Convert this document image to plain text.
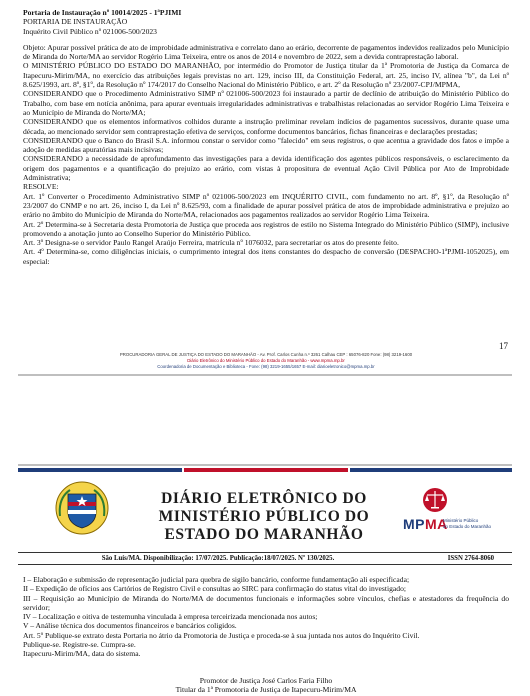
Portaria de Instauração nº 10014/2025 - 1ªPJIMI

PORTARIA DE INSTAURAÇÃO

Inquérito Civil Público nº 021006-500/2023

Objeto: Apurar possível prática de ato de improbidade administrativa e correlato dano ao erário, decorrente de pagamentos indevidos realizados pelo Município de Miranda do Norte/MA ao servidor Rogério Lima Teixeira, entre os anos de 2014 e novembro de 2022, sem a devida contraprestação laboral.

O MINISTÉRIO PÚBLICO DO ESTADO DO MARANHÃO, por intermédio do Promotor de Justiça titular da 1ª Promotoria de Justiça da Comarca de Itapecuru-Mirim/MA, no exercício das atribuições legais previstas no art. 129, inciso III, da Constituição Federal, art. 25, inciso IV, alínea "b", da Lei nº 8.625/1993, art. 8º, §1º, da Resolução nº 174/2017 do Conselho Nacional do Ministério Público, e art. 2º da Resolução nº 23/2007-CPJ/MPMA,

CONSIDERANDO que o Procedimento Administrativo SIMP nº 021006-500/2023 foi instaurado a partir de declínio de atribuição do Ministério Público do Trabalho, com base em notícia anônima, para apurar eventuais irregularidades administrativas e trabalhistas relacionadas ao servidor Rogério Lima Teixeira e ao Município de Miranda do Norte/MA;

CONSIDERANDO que os elementos informativos colhidos durante a instrução preliminar revelam indícios de pagamentos sucessivos, durante quase uma década, ao mencionado servidor sem contraprestação efetiva de serviços, conforme documentos bancários, fichas financeiras e declarações prestadas;

CONSIDERANDO que o Banco do Brasil S.A. informou constar o servidor como "falecido" em seus registros, o que acentua a gravidade dos fatos e impõe a adoção de medidas apuratórias mais incisivas;

CONSIDERANDO a necessidade de aprofundamento das investigações para a devida identificação dos agentes públicos responsáveis, o esclarecimento da origem dos pagamentos e a quantificação do prejuízo ao erário, com vistas à propositura de eventual Ação Civil Pública por Ato de Improbidade Administrativa;

RESOLVE:

Art. 1º Converter o Procedimento Administrativo SIMP nº 021006-500/2023 em INQUÉRITO CIVIL, com fundamento no art. 8º, §1º, da Resolução nº 23/2007 do CNMP e no art. 26, inciso I, da Lei nº 8.625/93, com a finalidade de apurar possível prática de atos de improbidade administrativa e prejuízo ao erário no âmbito do Município de Miranda do Norte/MA, relacionados aos pagamentos realizados ao servidor Rogério Lima Teixeira.

Art. 2º Determina-se à Secretaria desta Promotoria de Justiça que proceda aos registros de estilo no Sistema Integrado do Ministério Público (SIMP), inclusive promovendo a anotação junto ao Conselho Superior do Ministério Público.

Art. 3º Designa-se o servidor Paulo Rangel Araújo Ferreira, matrícula nº 1076032, para secretariar os atos do presente feito.

Art. 4º Determina-se, como diligências iniciais, o cumprimento integral dos itens constantes do despacho de conversão (DESPACHO-1ªPJMI-1052025), em especial:

17
PROCURADORIA GERAL DE JUSTIÇA DO ESTADO DO MARANHÃO - Av. Prof. Carlos Cunha n.º 3261 Calhau CEP : 65076-820 Fone: (98) 3219-1600
Diário Eletrônico do Ministério Público do Estado do Maranhão - www.mpma.mp.br
Coordenadoria de Documentação e Biblioteca - Fone: (98) 3219-1655/1657 E-mail: diarioeletronico@mpma.mp.br
DIÁRIO ELETRÔNICO DO
MINISTÉRIO PÚBLICO DO
ESTADO DO MARANHÃO
MPMA
Ministério Público
do Estado do Maranhão
São Luís/MA. Disponibilização: 17/07/2025. Publicação:18/07/2025. Nº 130/2025.	ISSN 2764-8060

I – Elaboração e submissão de representação judicial para quebra de sigilo bancário, conforme fundamentação ali especificada;

II – Expedição de ofícios aos Cartórios de Registro Civil e consultas ao SIRC para confirmação do status vital do investigado;

III – Requisição ao Município de Miranda do Norte/MA de documentos funcionais e informações sobre vínculos, chefias e atestadores da frequência do servidor;

IV – Localização e oitiva de testemunha vinculada à empresa terceirizada mencionada nos autos;

V – Análise técnica dos documentos financeiros e bancários coligidos.

Art. 5º Publique-se extrato desta Portaria no átrio da Promotoria de Justiça e proceda-se à sua juntada nos autos do Inquérito Civil.

Publique-se. Registre-se. Cumpra-se.

Itapecuru-Mirim/MA, data do sistema.

Promotor de Justiça José Carlos Faria Filho
Titular da 1ª Promotoria de Justiça de Itapecuru-Mirim/MA
